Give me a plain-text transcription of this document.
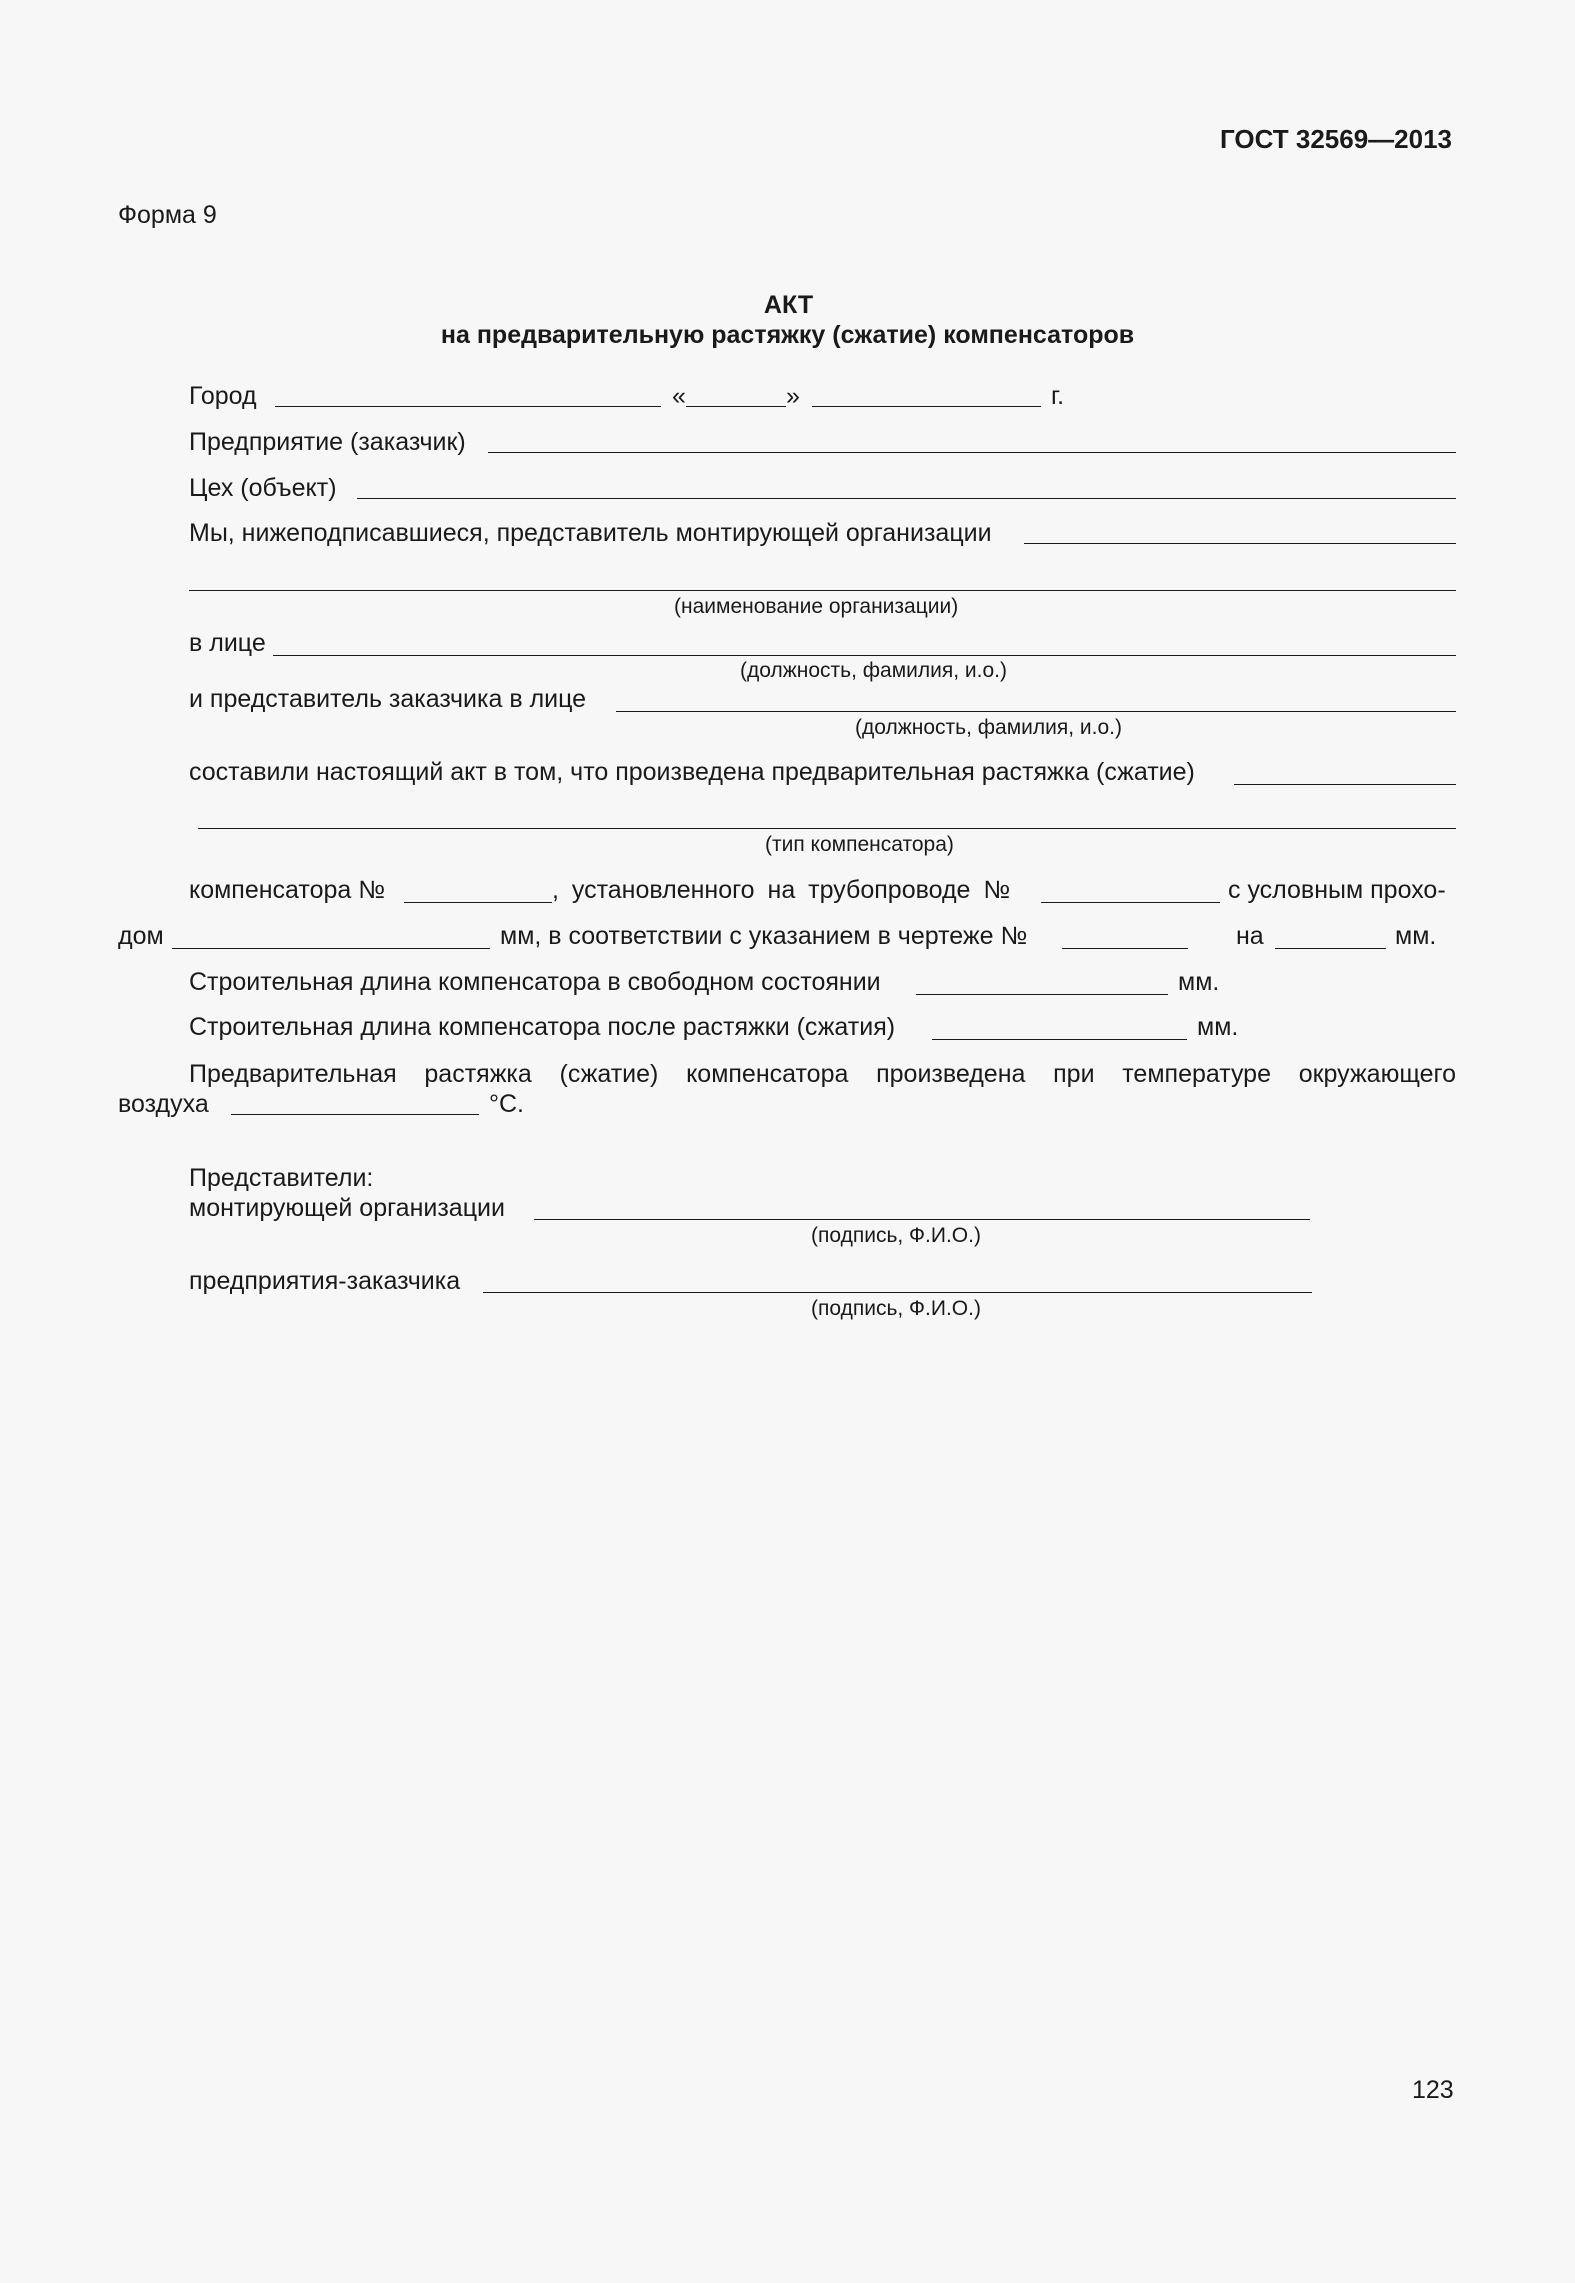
ГОСТ 32569—2013
Форма 9
АКТ
на предварительную растяжку (сжатие) компенсаторов
Город	«	»	г.
Предприятие (заказчик)
Цех (объект)
Мы, нижеподписавшиеся, представитель монтирующей организации
(наименование организации)
в лице
(должность, фамилия, и.о.)
и представитель заказчика в лице
(должность, фамилия, и.о.)
составили настоящий акт в том, что произведена предварительная растяжка (сжатие)
(тип компенсатора)
компенсатора №	, установленного на трубопроводе №	с условным прохо-
дом	мм, в соответствии с указанием в чертеже №	на	мм.
Строительная длина компенсатора в свободном состоянии	мм.
Строительная длина компенсатора после растяжки (сжатия)	мм.
Предварительная растяжка (сжатие) компенсатора произведена при температуре окружающего
воздуха	°С.
Представители:
монтирующей организации
(подпись, Ф.И.О.)
предприятия-заказчика
(подпись, Ф.И.О.)
123
